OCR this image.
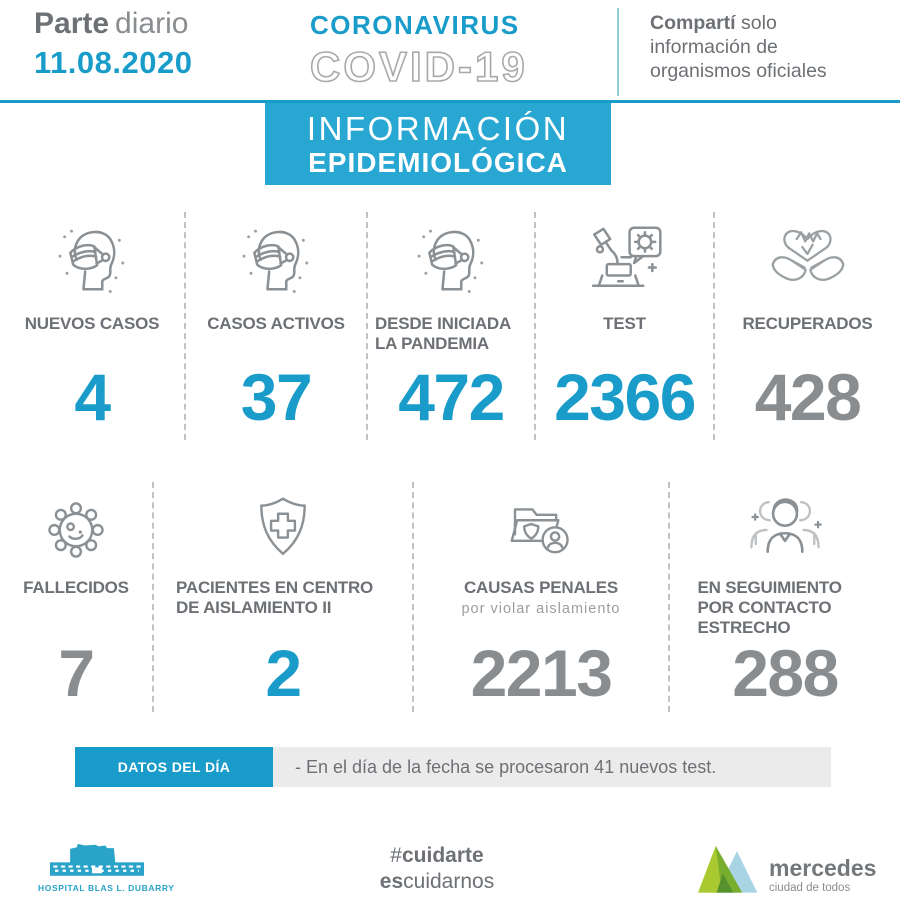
Parte diario
11.08.2020
CORONAVIRUS
COVID-19
Compartí solo información de organismos oficiales
INFORMACIÓN
EPIDEMIOLÓGICA
NUEVOS CASOS
4
CASOS ACTIVOS
37
DESDE INICIADA LA PANDEMIA
472
TEST
2366
RECUPERADOS
428
FALLECIDOS
7
PACIENTES EN CENTRO DE AISLAMIENTO II
2
CAUSAS PENALES
por violar aislamiento
2213
EN SEGUIMIENTO POR CONTACTO ESTRECHO
288
DATOS DEL DÍA	- En el día de la fecha se procesaron 41 nuevos test.
HOSPITAL BLAS L. DUBARRY
#cuidarte
escuidarnos
mercedes
ciudad de todos
